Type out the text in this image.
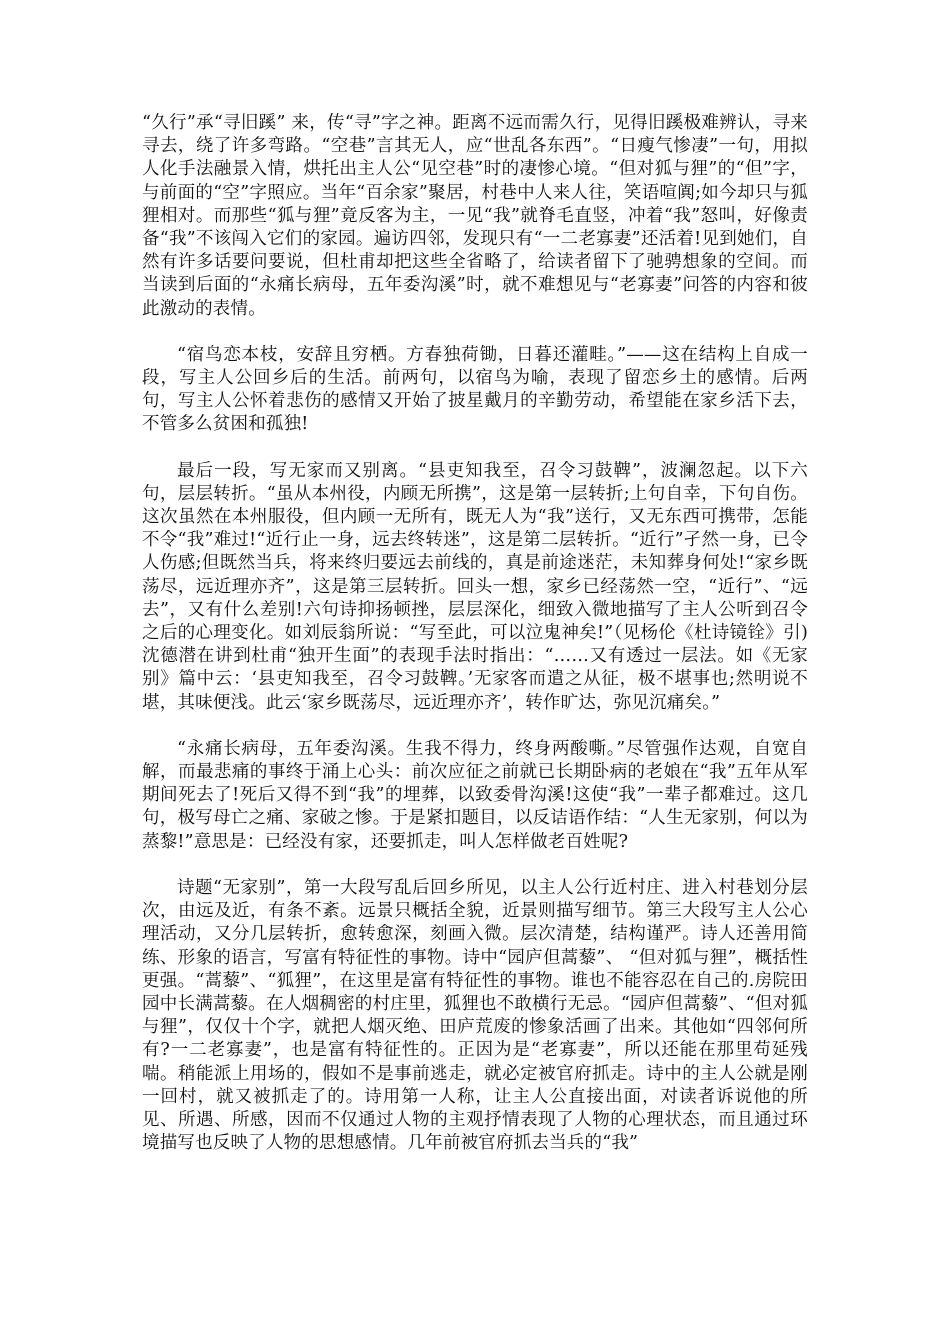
“久行”承“寻旧蹊” 来，传“寻”字之神。距离不远而需久行，见得旧蹊极难辨认，寻来寻去，绕了许多弯路。“空巷”言其无人，应“世乱各东西”。“日瘦气惨凄”一句，用拟人化手法融景入情，烘托出主人公“见空巷”时的凄惨心境。“但对狐与狸”的“但”字，与前面的“空”字照应。当年“百余家”聚居，村巷中人来人往，笑语喧阗;如今却只与狐狸相对。而那些“狐与狸”竟反客为主，一见“我”就脊毛直竖，冲着“我”怒叫，好像责备“我”不该闯入它们的家园。遍访四邻，发现只有“一二老寡妻”还活着!见到她们，自然有许多话要问要说，但杜甫却把这些全省略了，给读者留下了驰骋想象的空间。而当读到后面的“永痛长病母，五年委沟溪”时，就不难想见与“老寡妻”问答的内容和彼此激动的表情。

“宿鸟恋本枝，安辞且穷栖。方春独荷锄，日暮还灌畦。”——这在结构上自成一段，写主人公回乡后的生活。前两句，以宿鸟为喻，表现了留恋乡土的感情。后两句，写主人公怀着悲伤的感情又开始了披星戴月的辛勤劳动，希望能在家乡活下去，不管多么贫困和孤独!

最后一段，写无家而又别离。“县吏知我至，召令习鼓鞞”，波澜忽起。以下六句，层层转折。“虽从本州役，内顾无所携”，这是第一层转折;上句自幸，下句自伤。这次虽然在本州服役，但内顾一无所有，既无人为“我”送行，又无东西可携带，怎能不令“我”难过!“近行止一身，远去终转迷”，这是第二层转折。“近行”孑然一身，已令人伤感;但既然当兵，将来终归要远去前线的，真是前途迷茫，未知葬身何处!“家乡既荡尽，远近理亦齐”，这是第三层转折。回头一想，家乡已经荡然一空，“近行”、“远去”，又有什么差别!六句诗抑扬顿挫，层层深化，细致入微地描写了主人公听到召令之后的心理变化。如刘辰翁所说：“写至此，可以泣鬼神矣!”（见杨伦《杜诗镜铨》引)沈德潜在讲到杜甫“独开生面”的表现手法时指出：“……又有透过一层法。如《无家别》篇中云：‘县吏知我至，召令习鼓鞞。’无家客而遣之从征，极不堪事也;然明说不堪，其味便浅。此云‘家乡既荡尽，远近理亦齐’，转作旷达，弥见沉痛矣。”

“永痛长病母，五年委沟溪。生我不得力，终身两酸嘶。”尽管强作达观，自宽自解，而最悲痛的事终于涌上心头：前次应征之前就已长期卧病的老娘在“我”五年从军期间死去了!死后又得不到“我”的埋葬，以致委骨沟溪!这使“我”一辈子都难过。这几句，极写母亡之痛、家破之惨。于是紧扣题目，以反诘语作结：“人生无家别，何以为蒸黎!”意思是：已经没有家，还要抓走，叫人怎样做老百姓呢?

诗题“无家别”，第一大段写乱后回乡所见，以主人公行近村庄、进入村巷划分层次，由远及近，有条不紊。远景只概括全貌，近景则描写细节。第三大段写主人公心理活动，又分几层转折，愈转愈深，刻画入微。层次清楚，结构谨严。诗人还善用简练、形象的语言，写富有特征性的事物。诗中“园庐但蒿藜”、 “但对狐与狸”，概括性更强。“蒿藜”、“狐狸”，在这里是富有特征性的事物。谁也不能容忍在自己的.房院田园中长满蒿藜。在人烟稠密的村庄里，狐狸也不敢横行无忌。“园庐但蒿藜”、“但对狐与狸”，仅仅十个字，就把人烟灭绝、田庐荒废的惨象活画了出来。其他如“四邻何所有?一二老寡妻”，也是富有特征性的。正因为是“老寡妻”，所以还能在那里苟延残喘。稍能派上用场的，假如不是事前逃走，就必定被官府抓走。诗中的主人公就是刚一回村，就又被抓走了的。诗用第一人称，让主人公直接出面，对读者诉说他的所见、所遇、所感，因而不仅通过人物的主观抒情表现了人物的心理状态，而且通过环境描写也反映了人物的思想感情。几年前被官府抓去当兵的“我”
